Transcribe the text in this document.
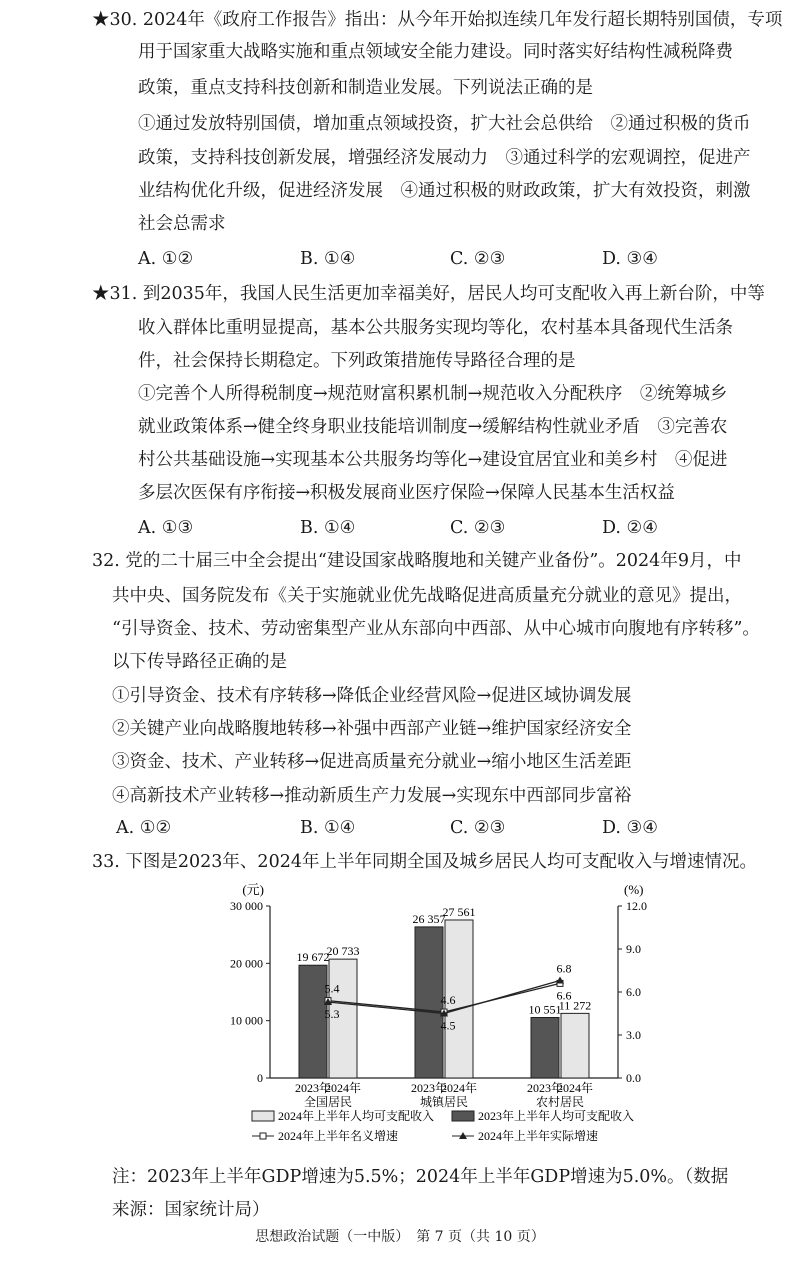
★30. 2024年《政府工作报告》指出：从今年开始拟连续几年发行超长期特别国债，专项
用于国家重大战略实施和重点领域安全能力建设。同时落实好结构性减税降费
政策，重点支持科技创新和制造业发展。下列说法正确的是
①通过发放特别国债，增加重点领域投资，扩大社会总供给　②通过积极的货币
政策，支持科技创新发展，增强经济发展动力　③通过科学的宏观调控，促进产
业结构优化升级，促进经济发展　④通过积极的财政政策，扩大有效投资，刺激
社会总需求
A. ①②	B. ①④	C. ②③	D. ③④
★31. 到2035年，我国人民生活更加幸福美好，居民人均可支配收入再上新台阶，中等
收入群体比重明显提高，基本公共服务实现均等化，农村基本具备现代生活条
件，社会保持长期稳定。下列政策措施传导路径合理的是
①完善个人所得税制度→规范财富积累机制→规范收入分配秩序　②统筹城乡
就业政策体系→健全终身职业技能培训制度→缓解结构性就业矛盾　③完善农
村公共基础设施→实现基本公共服务均等化→建设宜居宜业和美乡村　④促进
多层次医保有序衔接→积极发展商业医疗保险→保障人民基本生活权益
A. ①③	B. ①④	C. ②③	D. ②④
32. 党的二十届三中全会提出“建设国家战略腹地和关键产业备份”。2024年9月，中
共中央、国务院发布《关于实施就业优先战略促进高质量充分就业的意见》提出，
“引导资金、技术、劳动密集型产业从东部向中西部、从中心城市向腹地有序转移”。
以下传导路径正确的是
①引导资金、技术有序转移→降低企业经营风险→促进区域协调发展
②关键产业向战略腹地转移→补强中西部产业链→维护国家经济安全
③资金、技术、产业转移→促进高质量充分就业→缩小地区生活差距
④高新技术产业转移→推动新质生产力发展→实现东中西部同步富裕
A. ①②	B. ①④	C. ②③	D. ③④
33. 下图是2023年、2024年上半年同期全国及城乡居民人均可支配收入与增速情况。
(元)	(%)
0
10 000
20 000
30 000
0.0
3.0
6.0
9.0
12.0
19 672
2023年
20 733
2024年
全国居民
26 357
2023年
27 561
2024年
城镇居民
10 551
2023年
11 272
2024年
农村居民
5.4
4.6	6.6
5.3
4.5
6.8
2024年上半年人均可支配收入	2023年上半年人均可支配收入
2024年上半年名义增速	2024年上半年实际增速
注：2023年上半年GDP增速为5.5%；2024年上半年GDP增速为5.0%。（数据
来源：国家统计局）
思想政治试题（一中版）　第 7 页（共 10 页）
